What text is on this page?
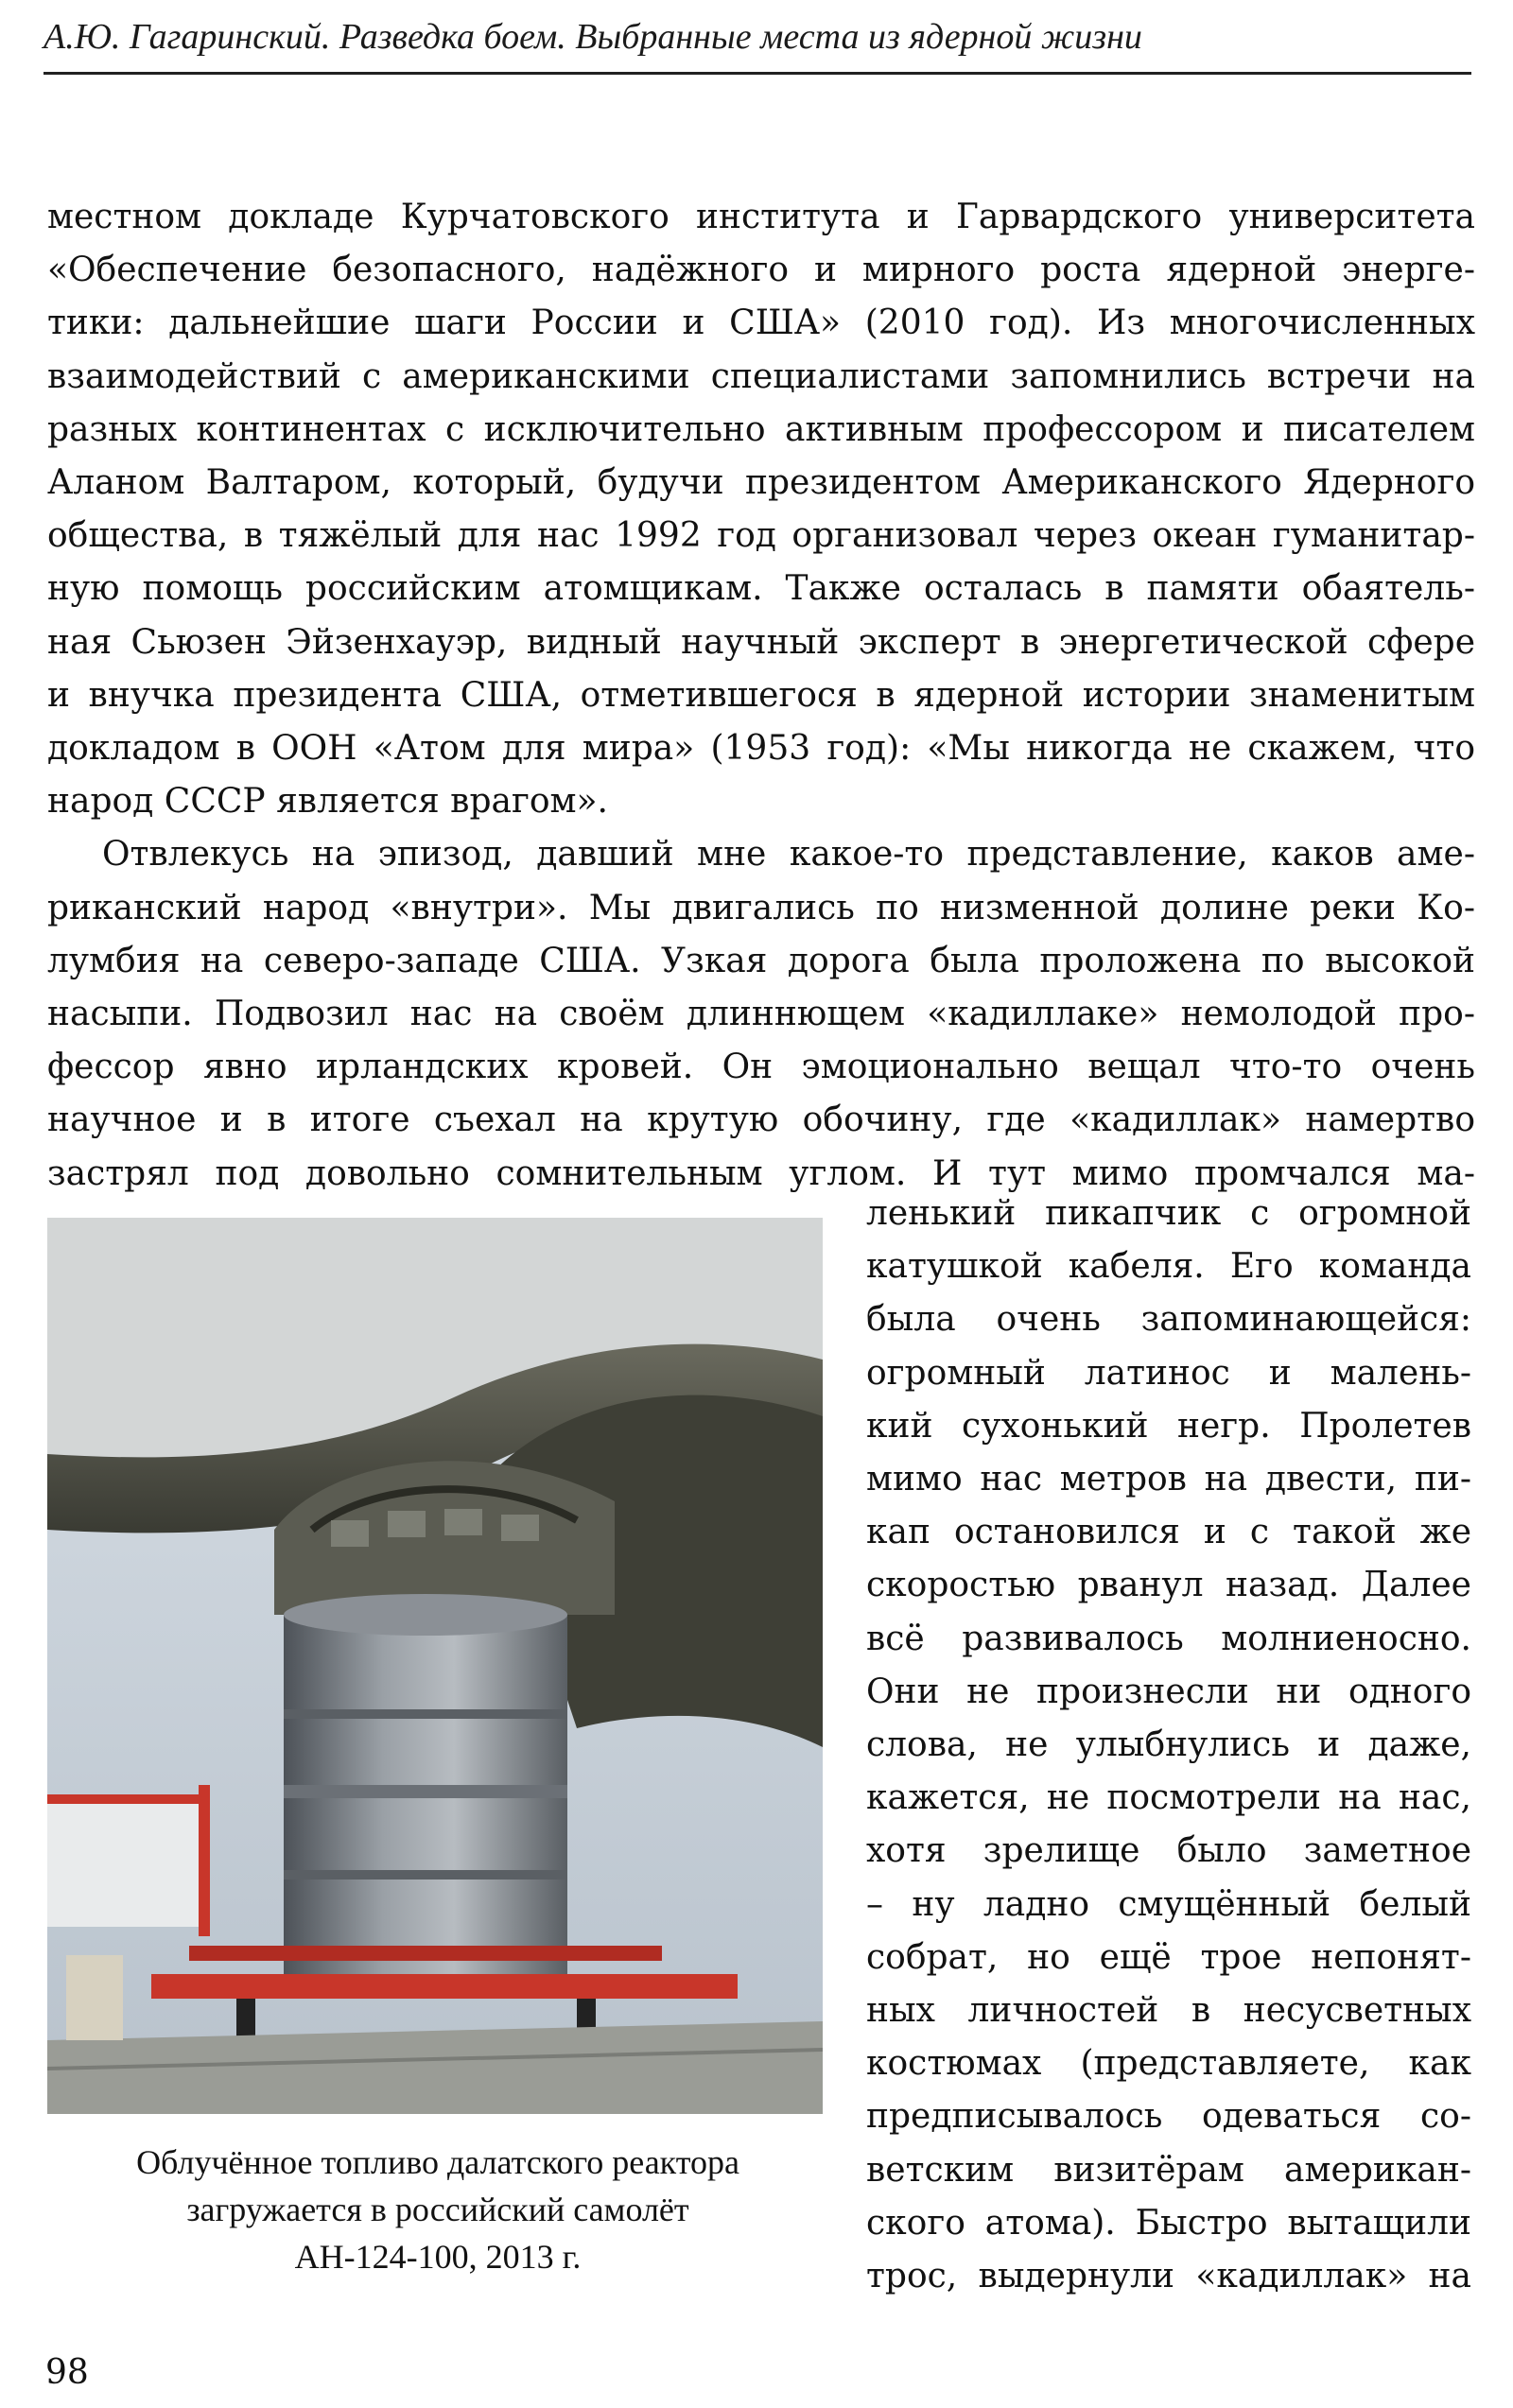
А.Ю. Гагаринский. Разведка боем. Выбранные места из ядерной жизни

местном докладе Курчатовского института и Гарвардского университета
«Обеспечение безопасного, надёжного и мирного роста ядерной энерге-
тики: дальнейшие шаги России и США» (2010 год). Из многочисленных
взаимодействий с американскими специалистами запомнились встречи на
разных континентах с исключительно активным профессором и писателем
Аланом Валтаром, который, будучи президентом Американского Ядерного
общества, в тяжёлый для нас 1992 год организовал через океан гуманитар-
ную помощь российским атомщикам. Также осталась в памяти обаятель-
ная Сьюзен Эйзенхауэр, видный научный эксперт в энергетической сфере
и внучка президента США, отметившегося в ядерной истории знаменитым
докладом в ООН «Атом для мира» (1953 год): «Мы никогда не скажем, что
народ СССР является врагом».

Отвлекусь на эпизод, давший мне какое-то представление, каков аме-
риканский народ «внутри». Мы двигались по низменной долине реки Ко-
лумбия на северо-западе США. Узкая дорога была проложена по высокой
насыпи. Подвозил нас на своём длиннющем «кадиллаке» немолодой про-
фессор явно ирландских кровей. Он эмоционально вещал что-то очень
научное и в итоге съехал на крутую обочину, где «кадиллак» намертво
застрял под довольно сомнительным углом. И тут мимо промчался ма-

ленький пикапчик с огромной
катушкой кабеля. Его команда
была очень запоминающейся:
огромный латинос и малень-
кий сухонький негр. Пролетев
мимо нас метров на двести, пи-
кап остановился и с такой же
скоростью рванул назад. Далее
всё развивалось молниеносно.
Они не произнесли ни одного
слова, не улыбнулись и даже,
кажется, не посмотрели на нас,
хотя зрелище было заметное
– ну ладно смущённый белый
собрат, но ещё трое непонят-
ных личностей в несусветных
костюмах (представляете, как
предписывалось одеваться со-
ветским визитёрам американ-
ского атома). Быстро вытащили
трос, выдернули «кадиллак» на
Облучённое топливо далатского реактора
загружается в российский самолёт
АН-124-100, 2013 г.
98
